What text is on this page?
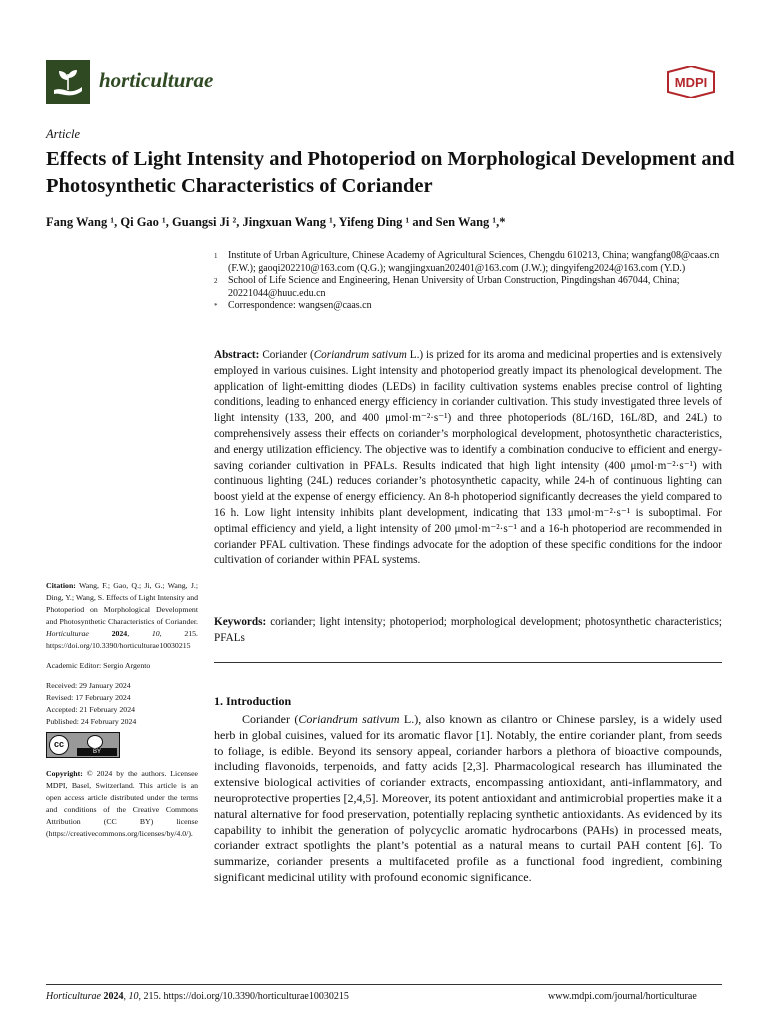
horticulturae	MDPI
Article
Effects of Light Intensity and Photoperiod on Morphological Development and Photosynthetic Characteristics of Coriander
Fang Wang ¹, Qi Gao ¹, Guangsi Ji ², Jingxuan Wang ¹, Yifeng Ding ¹ and Sen Wang ¹,*
1 Institute of Urban Agriculture, Chinese Academy of Agricultural Sciences, Chengdu 610213, China; wangfang08@caas.cn (F.W.); gaoqi202210@163.com (Q.G.); wangjingxuan202401@163.com (J.W.); dingyifeng2024@163.com (Y.D.)
2 School of Life Science and Engineering, Henan University of Urban Construction, Pingdingshan 467044, China; 20221044@huuc.edu.cn
* Correspondence: wangsen@caas.cn
Abstract: Coriander (Coriandrum sativum L.) is prized for its aroma and medicinal properties and is extensively employed in various cuisines. Light intensity and photoperiod greatly impact its phenological development. The application of light-emitting diodes (LEDs) in facility cultivation systems enables precise control of lighting conditions, leading to enhanced energy efficiency in coriander cultivation. This study investigated three levels of light intensity (133, 200, and 400 μmol·m⁻²·s⁻¹) and three photoperiods (8L/16D, 16L/8D, and 24L) to comprehensively assess their effects on coriander’s morphological development, photosynthetic characteristics, and energy utilization efficiency. The objective was to identify a combination conducive to efficient and energy-saving coriander cultivation in PFALs. Results indicated that high light intensity (400 μmol·m⁻²·s⁻¹) with continuous lighting (24L) reduces coriander’s photosynthetic capacity, while 24-h of continuous lighting can boost yield at the expense of energy efficiency. An 8-h photoperiod significantly decreases the yield compared to 16 h. Low light intensity inhibits plant development, indicating that 133 μmol·m⁻²·s⁻¹ is suboptimal. For optimal efficiency and yield, a light intensity of 200 μmol·m⁻²·s⁻¹ and a 16-h photoperiod are recommended in coriander PFAL cultivation. These findings advocate for the adoption of these specific conditions for the indoor cultivation of coriander within PFAL systems.
Keywords: coriander; light intensity; photoperiod; morphological development; photosynthetic characteristics; PFALs
1. Introduction

Coriander (Coriandrum sativum L.), also known as cilantro or Chinese parsley, is a widely used herb in global cuisines, valued for its aromatic flavor [1]. Notably, the entire coriander plant, from seeds to foliage, is edible. Beyond its sensory appeal, coriander harbors a plethora of bioactive compounds, including flavonoids, terpenoids, and fatty acids [2,3]. Pharmacological research has illuminated the extensive biological activities of coriander extracts, encompassing antioxidant, anti-inflammatory, and neuroprotective properties [2,4,5]. Moreover, its potent antioxidant and antimicrobial properties make it a natural alternative for food preservation, potentially replacing synthetic antioxidants. As evidenced by its capability to inhibit the generation of polycyclic aromatic hydrocarbons (PAHs) in processed meats, coriander extract spotlights the plant’s potential as a natural means to curtail PAH content [6]. To summarize, coriander presents a multifaceted profile as a functional food ingredient, combining significant medicinal utility with profound economic significance.

Citation: Wang, F.; Gao, Q.; Ji, G.; Wang, J.; Ding, Y.; Wang, S. Effects of Light Intensity and Photoperiod on Morphological Development and Photosynthetic Characteristics of Coriander. Horticulturae 2024, 10, 215. https://doi.org/10.3390/horticulturae10030215

Academic Editor: Sergio Argento

Received: 29 January 2024

Revised: 17 February 2024

Accepted: 21 February 2024

Published: 24 February 2024

cc
BY

Copyright: © 2024 by the authors. Licensee MDPI, Basel, Switzerland. This article is an open access article distributed under the terms and conditions of the Creative Commons Attribution (CC BY) license (https://creativecommons.org/licenses/by/4.0/).

Horticulturae 2024, 10, 215. https://doi.org/10.3390/horticulturae10030215	www.mdpi.com/journal/horticulturae
